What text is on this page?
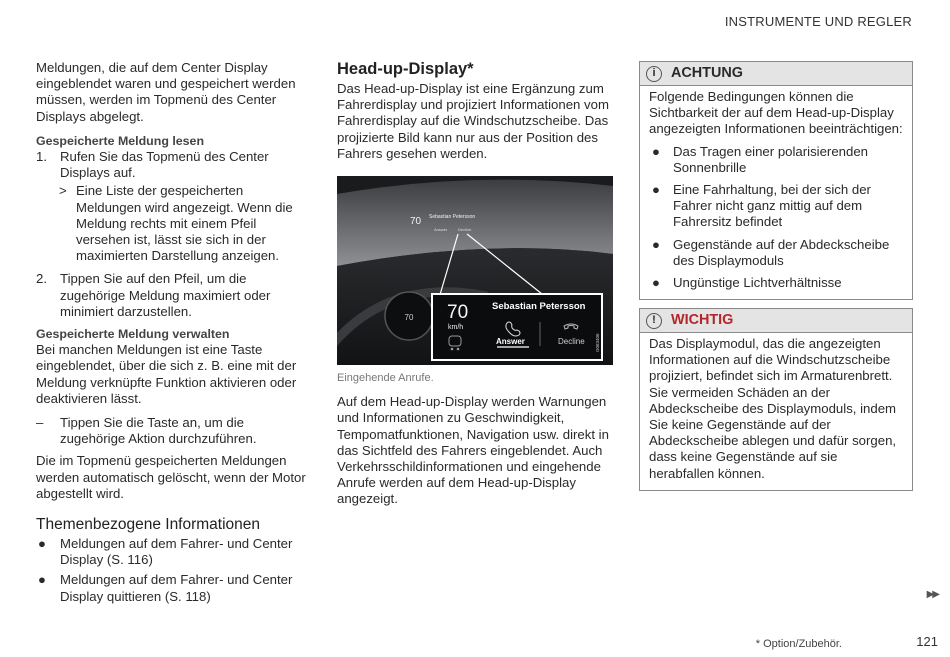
INSTRUMENTE UND REGLER

Meldungen, die auf dem Center Display eingeblendet waren und gespeichert werden müssen, werden im Topmenü des Center Displays abgelegt.

Gespeicherte Meldung lesen
1. Rufen Sie das Topmenü des Center Displays auf.
> Eine Liste der gespeicherten Meldungen wird angezeigt. Wenn die Meldung rechts mit einem Pfeil versehen ist, lässt sie sich in der maximierten Darstellung anzeigen.
2. Tippen Sie auf den Pfeil, um die zugehörige Meldung maximiert oder minimiert darzustellen.
Gespeicherte Meldung verwalten

Bei manchen Meldungen ist eine Taste eingeblendet, über die sich z. B. eine mit der Meldung verknüpfte Funktion aktivieren oder deaktivieren lässt.

– Tippen Sie die Taste an, um die zugehörige Aktion durchzuführen.

Die im Topmenü gespeicherten Meldungen werden automatisch gelöscht, wenn der Motor abgestellt wird.

Themenbezogene Informationen
● Meldungen auf dem Fahrer- und Center Display (S. 116)
● Meldungen auf dem Fahrer- und Center Display quittieren (S. 118)
Head-up-Display*

Das Head-up-Display ist eine Ergänzung zum Fahrerdisplay und projiziert Informationen vom Fahrerdisplay auf die Windschutzscheibe. Das projizierte Bild kann nur aus der Position des Fahrers gesehen werden.

70
70 Sebastian Petersson
Answer	Decline
70
km/h
Sebastian Petersson
Answer	Decline G063406
Eingehende Anrufe.

Auf dem Head-up-Display werden Warnungen und Informationen zu Geschwindigkeit, Tempomatfunktionen, Navigation usw. direkt in das Sichtfeld des Fahrers eingeblendet. Auch Verkehrsschildinformationen und eingehende Anrufe werden auf dem Head-up-Display angezeigt.

i	ACHTUNG

Folgende Bedingungen können die Sichtbarkeit der auf dem Head-up-Display angezeigten Informationen beeinträchtigen:

● Das Tragen einer polarisierenden Sonnenbrille
● Eine Fahrhaltung, bei der sich der Fahrer nicht ganz mittig auf dem Fahrersitz befindet
● Gegenstände auf der Abdeckscheibe des Displaymoduls
● Ungünstige Lichtverhältnisse
!	WICHTIG

Das Displaymodul, das die angezeigten Informationen auf die Windschutzscheibe projiziert, befindet sich im Armaturenbrett. Sie vermeiden Schäden an der Abdeckscheibe des Displaymoduls, indem Sie keine Gegenstände auf der Abdeckscheibe ablegen und dafür sorgen, dass keine Gegenstände auf sie herabfallen können.

▶▶
* Option/Zubehör.	121
